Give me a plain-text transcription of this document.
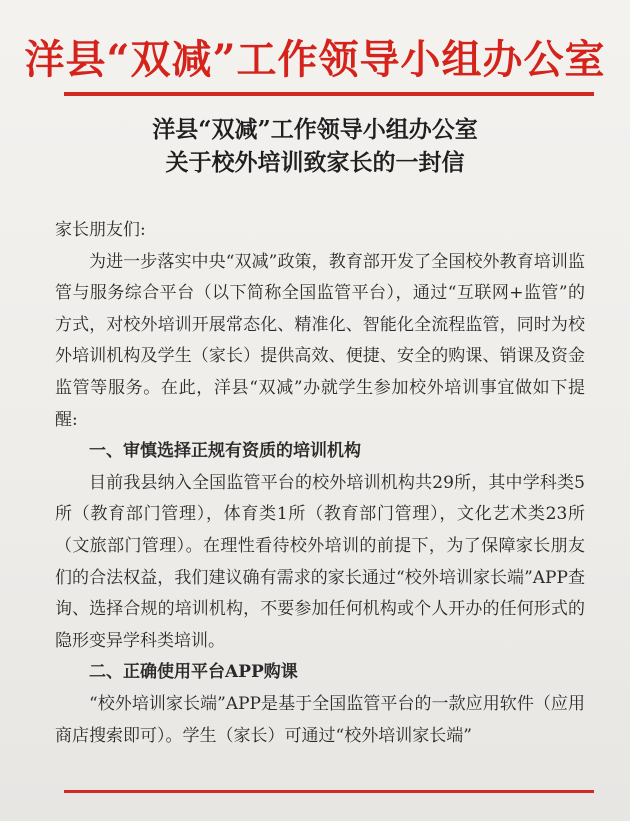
洋县“双减”工作领导小组办公室
洋县“双减”工作领导小组办公室
关于校外培训致家长的一封信

家长朋友们:

为进一步落实中央“双减”政策，教育部开发了全国校外教育培训监管与服务综合平台（以下简称全国监管平台），通过“互联网+监管”的方式，对校外培训开展常态化、精准化、智能化全流程监管，同时为校外培训机构及学生（家长）提供高效、便捷、安全的购课、销课及资金监管等服务。在此，洋县“双减”办就学生参加校外培训事宜做如下提醒:

一、审慎选择正规有资质的培训机构

目前我县纳入全国监管平台的校外培训机构共29所，其中学科类5所（教育部门管理），体育类1所（教育部门管理），文化艺术类23所（文旅部门管理）。在理性看待校外培训的前提下，为了保障家长朋友们的合法权益，我们建议确有需求的家长通过“校外培训家长端”APP查询、选择合规的培训机构，不要参加任何机构或个人开办的任何形式的隐形变异学科类培训。

二、正确使用平台APP购课

“校外培训家长端”APP是基于全国监管平台的一款应用软件（应用商店搜索即可）。学生（家长）可通过“校外培训家长端”
